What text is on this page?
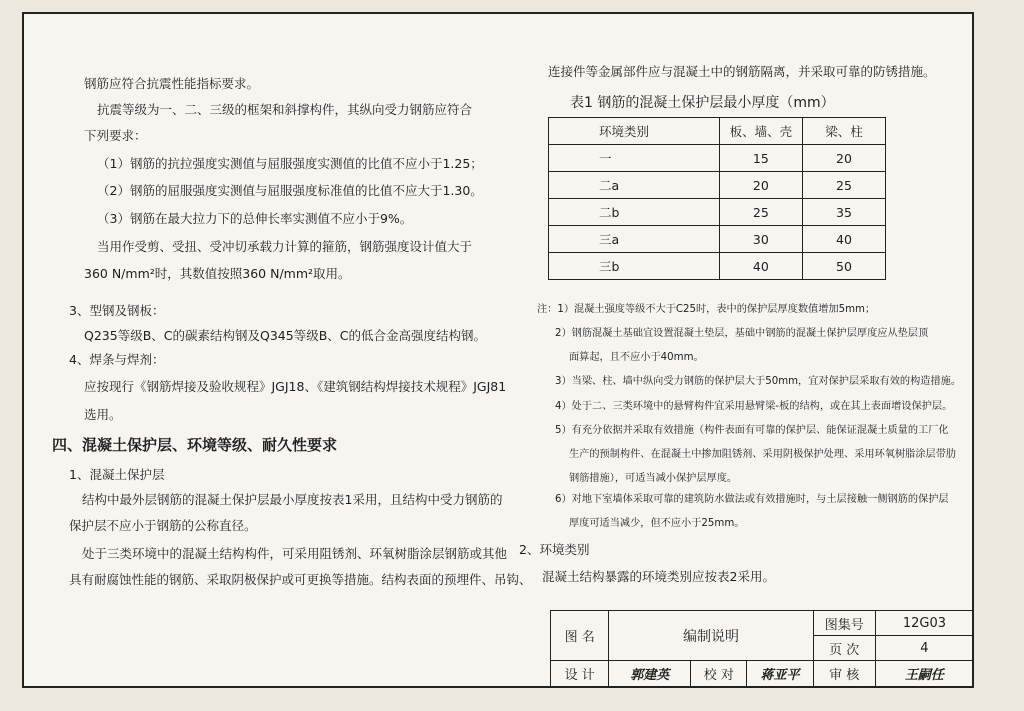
钢筋应符合抗震性能指标要求。
抗震等级为一、二、三级的框架和斜撑构件，其纵向受力钢筋应符合
下列要求：
（1）钢筋的抗拉强度实测值与屈服强度实测值的比值不应小于1.25；
（2）钢筋的屈服强度实测值与屈服强度标准值的比值不应大于1.30。
（3）钢筋在最大拉力下的总伸长率实测值不应小于9%。
当用作受剪、受扭、受冲切承载力计算的箍筋，钢筋强度设计值大于
360 N/mm²时，其数值按照360 N/mm²取用。
3、型钢及钢板：
Q235等级B、C的碳素结构钢及Q345等级B、C的低合金高强度结构钢。
4、焊条与焊剂：
应按现行《钢筋焊接及验收规程》JGJ18、《建筑钢结构焊接技术规程》JGJ81
选用。
四、混凝土保护层、环境等级、耐久性要求
1、混凝土保护层
结构中最外层钢筋的混凝土保护层最小厚度按表1采用，且结构中受力钢筋的
保护层不应小于钢筋的公称直径。
处于三类环境中的混凝土结构构件，可采用阻锈剂、环氧树脂涂层钢筋或其他
具有耐腐蚀性能的钢筋、采取阴极保护或可更换等措施。结构表面的预埋件、吊钩、
连接件等金属部件应与混凝土中的钢筋隔离，并采取可靠的防锈措施。
表1 钢筋的混凝土保护层最小厚度（mm）
环境类别	板、墙、壳	梁、柱
一	15	20
二a	20	25
二b	25	35
三a	30	40
三b	40	50
注：1）混凝土强度等级不大于C25时，表中的保护层厚度数值增加5mm；
2）钢筋混凝土基础宜设置混凝土垫层，基础中钢筋的混凝土保护层厚度应从垫层顶
面算起，且不应小于40mm。
3）当梁、柱、墙中纵向受力钢筋的保护层大于50mm，宜对保护层采取有效的构造措施。
4）处于二、三类环境中的悬臂构件宜采用悬臂梁-板的结构，或在其上表面增设保护层。
5）有充分依据并采取有效措施（构件表面有可靠的保护层、能保证混凝土质量的工厂化
生产的预制构件、在混凝土中掺加阻锈剂、采用阴极保护处理、采用环氧树脂涂层带肋
钢筋措施），可适当减小保护层厚度。
6）对地下室墙体采取可靠的建筑防水做法或有效措施时，与土层接触一侧钢筋的保护层
厚度可适当减少，但不应小于25mm。
2、环境类别
混凝土结构暴露的环境类别应按表2采用。
图 名	编制说明			图集号	12G03
				页 次	4
设 计	郭建英	校 对	蒋亚平	审 核	王嗣任
